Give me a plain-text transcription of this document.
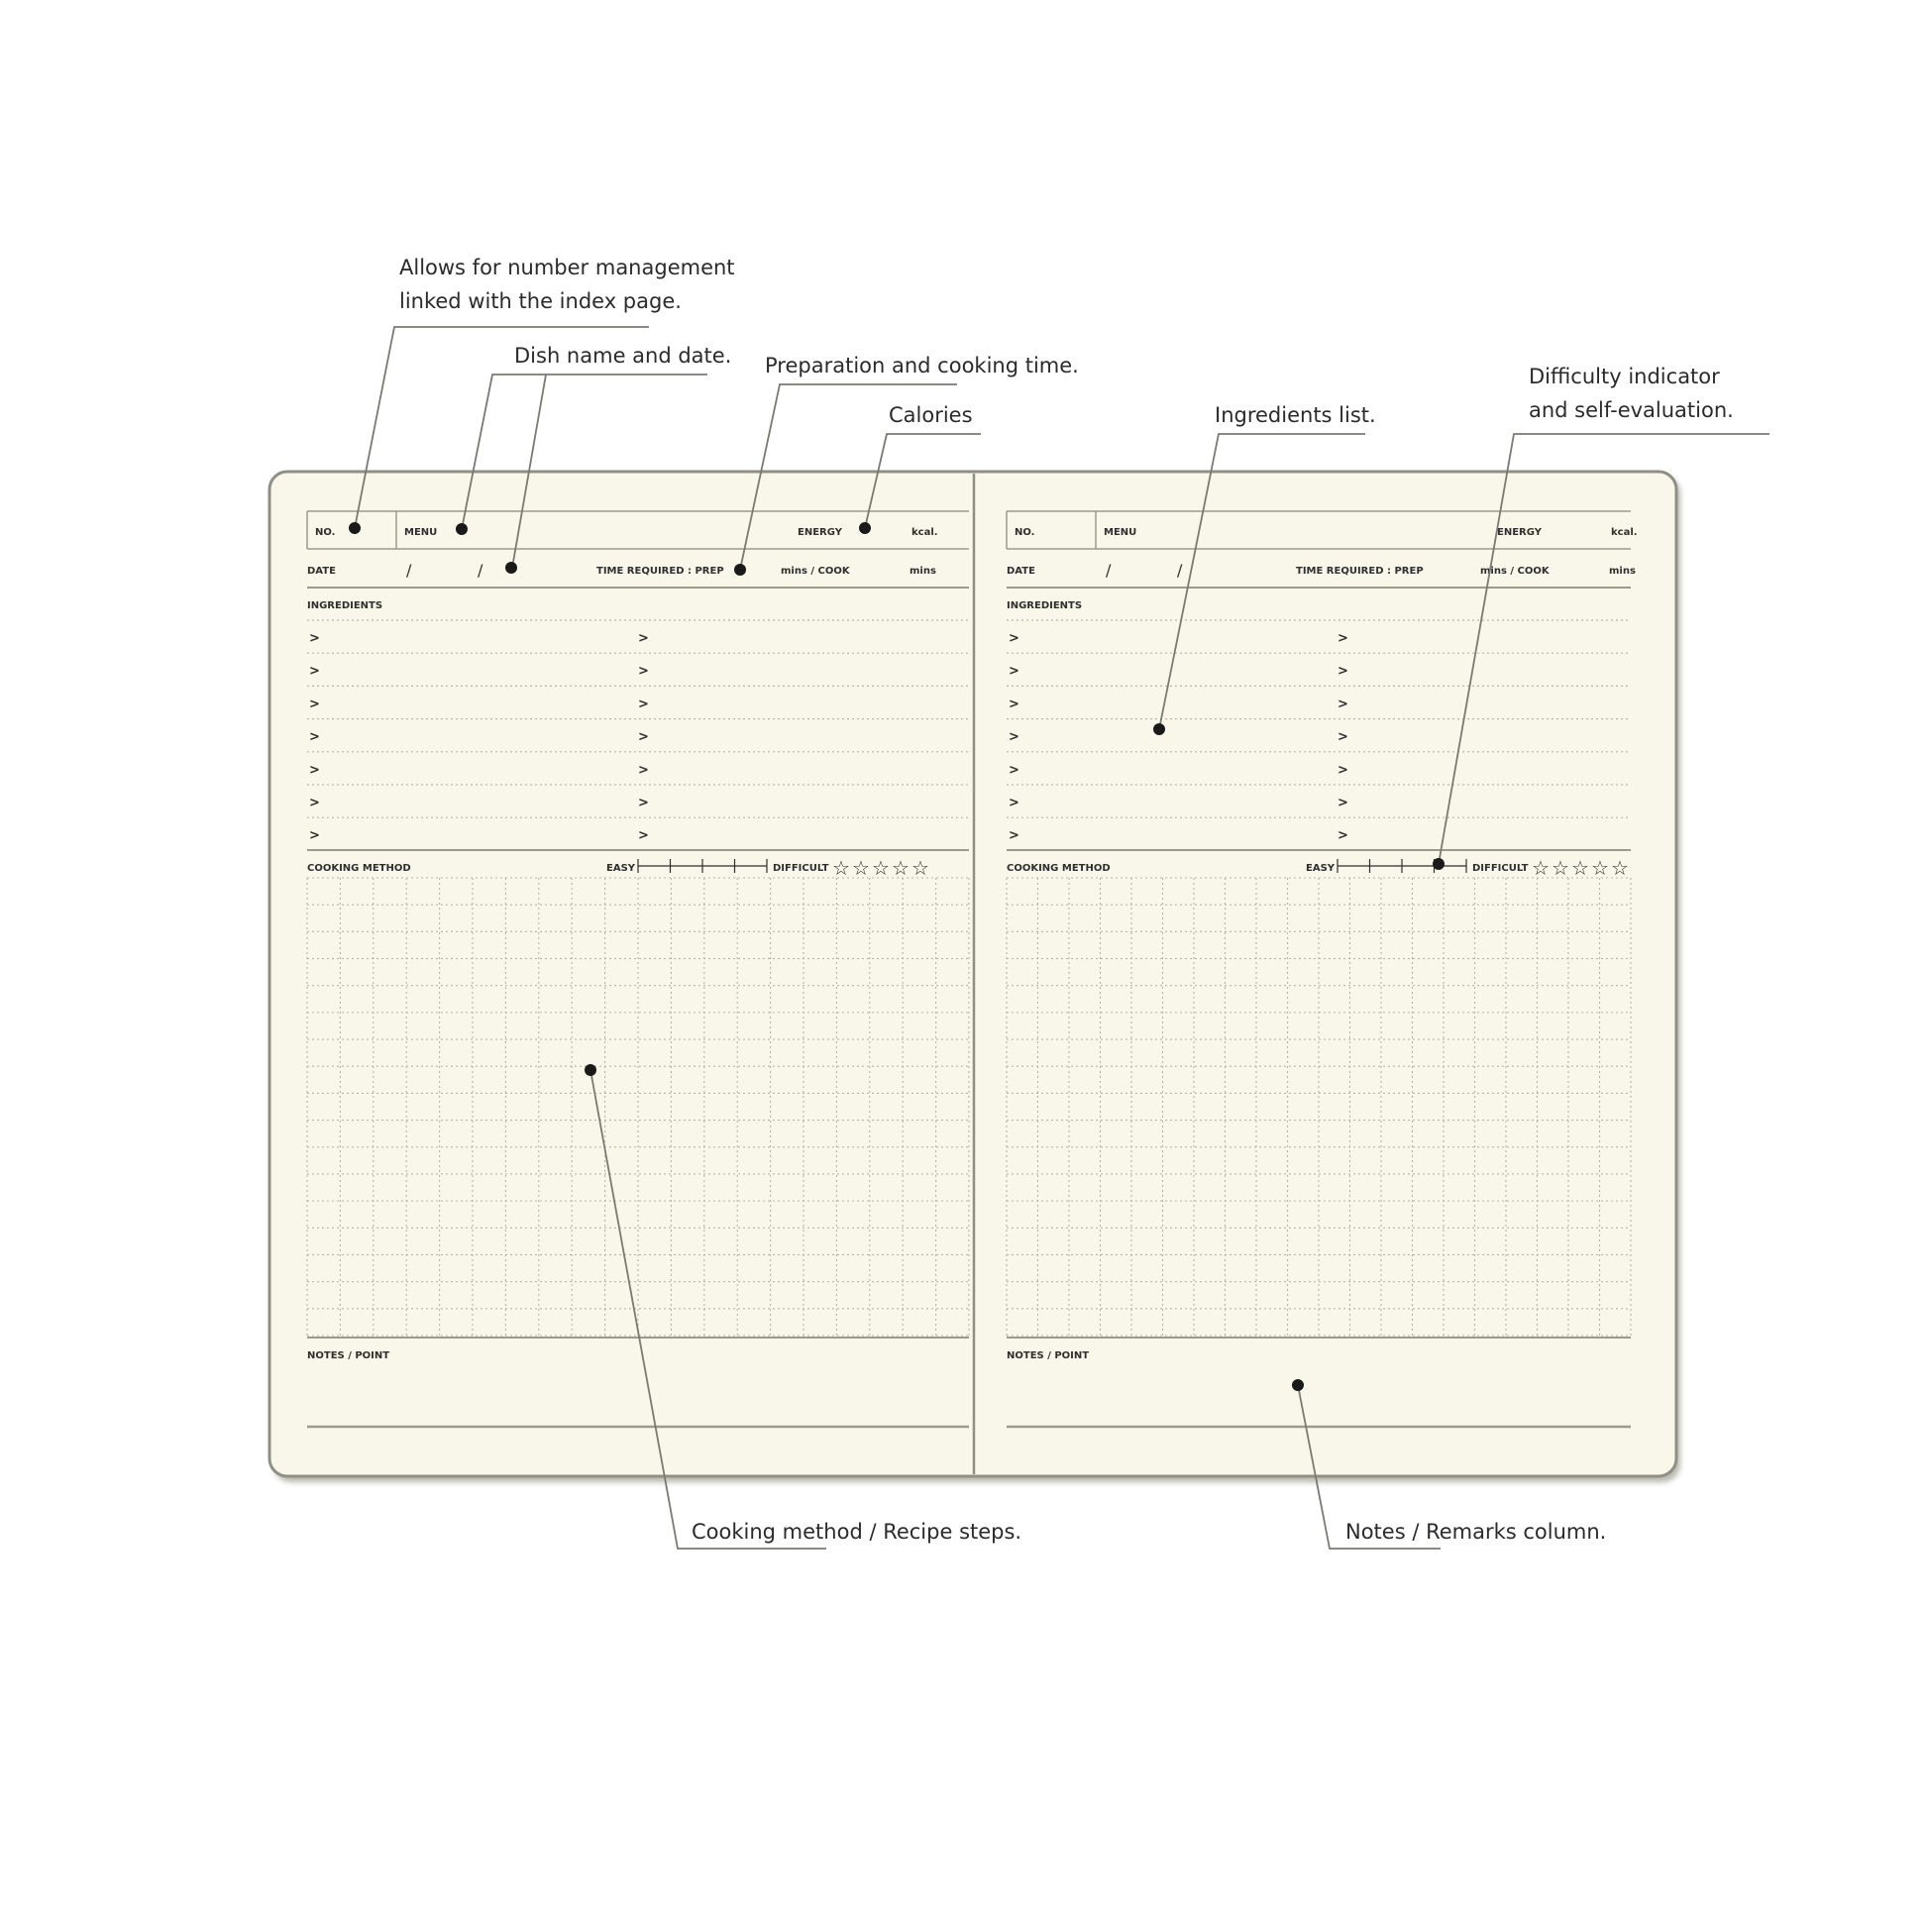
NO.	MENU	ENERGY	kcal.
DATE	/	/	TIME REQUIRED : PREP	mins / COOK	mins
INGREDIENTS
>	>
>	>
>	>
>	>
>	>
>	>
>	>
COOKING METHOD	EASY	DIFFICULT ☆ ☆ ☆ ☆ ☆
NOTES / POINT
NO.	MENU	ENERGY	kcal.
DATE	/	/	TIME REQUIRED : PREP	mins / COOK	mins
INGREDIENTS
>	>
>	>
>	>
>	>
>	>
>	>
>	>
COOKING METHOD	EASY	DIFFICULT ☆ ☆ ☆ ☆ ☆
NOTES / POINT
Allows for number management
linked with the index page.
Dish name and date. Preparation and cooking time.
Calories	Ingredients list.
Difficulty indicator
and self-evaluation.
Cooking method / Recipe steps.	Notes / Remarks column.
